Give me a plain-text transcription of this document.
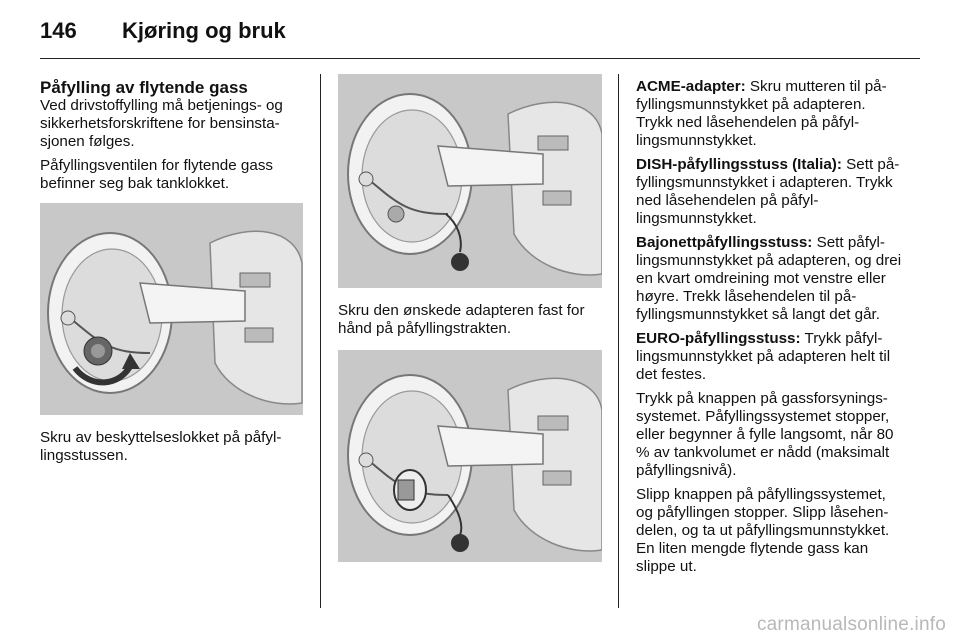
146 Kjøring og bruk
Påfylling av flytende gass

Ved drivstoffylling må betjenings- og sikkerhetsforskriftene for bensinstasjonen følges.

Påfyllingsventilen for flytende gass befinner seg bak tanklokket.

Skru av beskyttelseslokket på påfyllingsstussen.

Skru den ønskede adapteren fast for hånd på påfyllingstrakten.

ACME-adapter: Skru mutteren til påfyllingsmunnstykket på adapteren. Trykk ned låsehendelen på påfyllingsmunnstykket.

DISH-påfyllingsstuss (Italia): Sett påfyllingsmunnstykket i adapteren. Trykk ned låsehendelen på påfyllingsmunnstykket.

Bajonettpåfyllingsstuss: Sett påfyllingsmunnstykket på adapteren, og drei en kvart omdreining mot venstre eller høyre. Trekk låsehendelen til påfyllingsmunnstykket så langt det går.

EURO-påfyllingsstuss: Trykk påfyllingsmunnstykket på adapteren helt til det festes.

Trykk på knappen på gassforsyningssystemet. Påfyllingssystemet stopper, eller begynner å fylle langsomt, når 80 % av tankvolumet er nådd (maksimalt påfyllingsnivå).

Slipp knappen på påfyllingssystemet, og påfyllingen stopper. Slipp låsehendelen, og ta ut påfyllingsmunnstykket. En liten mengde flytende gass kan slippe ut.

carmanualsonline.info
